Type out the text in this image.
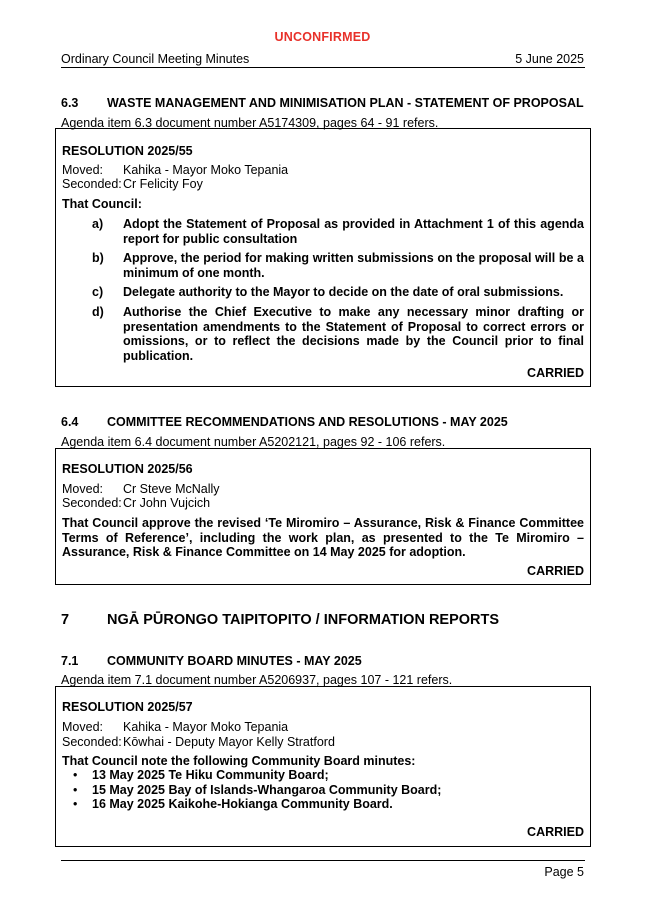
UNCONFIRMED
Ordinary Council Meeting Minutes	5 June 2025
6.3 WASTE MANAGEMENT AND MINIMISATION PLAN - STATEMENT OF PROPOSAL
Agenda item 6.3 document number A5174309, pages 64 - 91 refers.
RESOLUTION 2025/55
Moved: Kahika - Mayor Moko Tepania
Seconded: Cr Felicity Foy
That Council:
a) Adopt the Statement of Proposal as provided in Attachment 1 of this agenda report for public consultation
b) Approve, the period for making written submissions on the proposal will be a minimum of one month.
c) Delegate authority to the Mayor to decide on the date of oral submissions.
d) Authorise the Chief Executive to make any necessary minor drafting or presentation amendments to the Statement of Proposal to correct errors or omissions, or to reflect the decisions made by the Council prior to final publication.
CARRIED
6.4 COMMITTEE RECOMMENDATIONS AND RESOLUTIONS - MAY 2025
Agenda item 6.4 document number A5202121, pages 92 - 106 refers.
RESOLUTION 2025/56
Moved: Cr Steve McNally
Seconded: Cr John Vujcich
That Council approve the revised ‘Te Miromiro – Assurance, Risk & Finance Committee Terms of Reference’, including the work plan, as presented to the Te Miromiro – Assurance, Risk & Finance Committee on 14 May 2025 for adoption.
CARRIED
7	NGĀ PŪRONGO TAIPITOPITO / INFORMATION REPORTS
7.1 COMMUNITY BOARD MINUTES - MAY 2025
Agenda item 7.1 document number A5206937, pages 107 - 121 refers.
RESOLUTION 2025/57
Moved: Kahika - Mayor Moko Tepania
Seconded: Kōwhai - Deputy Mayor Kelly Stratford
That Council note the following Community Board minutes:
• 13 May 2025 Te Hiku Community Board;
• 15 May 2025 Bay of Islands-Whangaroa Community Board;
• 16 May 2025 Kaikohe-Hokianga Community Board.
CARRIED
Page 5
